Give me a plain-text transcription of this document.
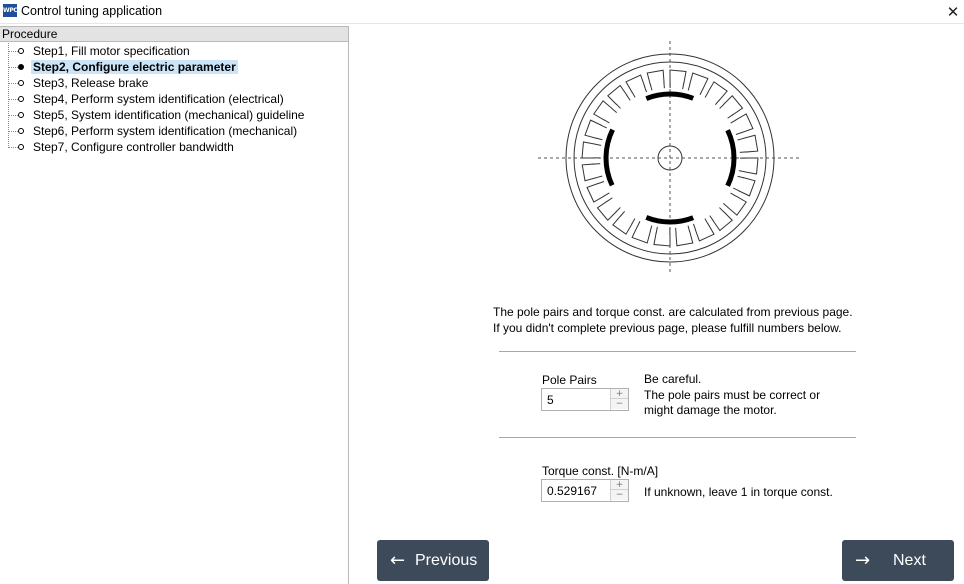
WPC Control tuning application	✕
Procedure
Step1, Fill motor specification
Step2, Configure electric parameter
Step3, Release brake
Step4, Perform system identification (electrical)
Step5, System identification (mechanical) guideline
Step6, Perform system identification (mechanical)
Step7, Configure controller bandwidth
The pole pairs and torque const. are calculated from previous page.
If you didn't complete previous page, please fulfill numbers below.
Pole Pairs
5	+
−
Be careful.
The pole pairs must be correct or
might damage the motor.
Torque const. [N-m/A]
0.529167	+
−	If unknown, leave 1 in torque const.
← Previous	→ Next
